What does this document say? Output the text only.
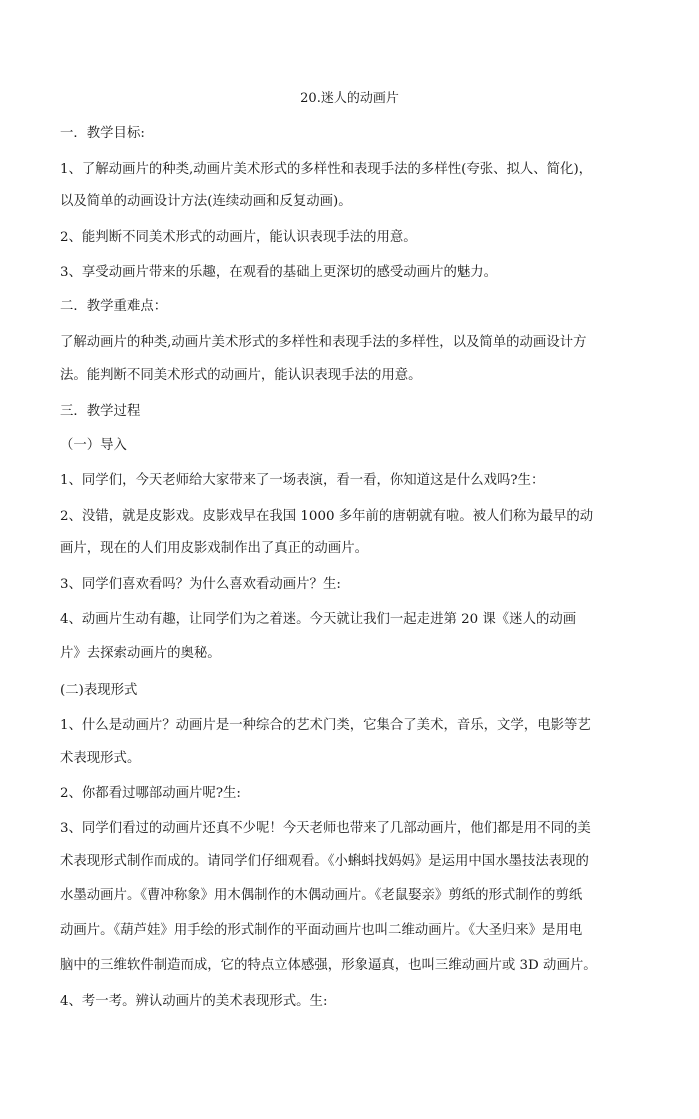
20.迷人的动画片
一．教学目标:
1、了解动画片的种类,动画片美术形式的多样性和表现手法的多样性(夸张、拟人、简化)，
以及简单的动画设计方法(连续动画和反复动画)。
2、能判断不同美术形式的动画片，能认识表现手法的用意。
3、享受动画片带来的乐趣，在观看的基础上更深切的感受动画片的魅力。
二．教学重难点：
了解动画片的种类,动画片美术形式的多样性和表现手法的多样性，以及简单的动画设计方
法。能判断不同美术形式的动画片，能认识表现手法的用意。
三．教学过程
（一）导入
1、同学们，今天老师给大家带来了一场表演，看一看，你知道这是什么戏吗?生：
2、没错，就是皮影戏。皮影戏早在我国 1000 多年前的唐朝就有啦。被人们称为最早的动
画片，现在的人们用皮影戏制作出了真正的动画片。
3、同学们喜欢看吗？为什么喜欢看动画片？生:
4、动画片生动有趣，让同学们为之着迷。今天就让我们一起走进第 20 课《迷人的动画
片》去探索动画片的奥秘。
(二)表现形式
1、什么是动画片？动画片是一种综合的艺术门类，它集合了美术，音乐，文学，电影等艺
术表现形式。
2、你都看过哪部动画片呢?生:
3、同学们看过的动画片还真不少呢！今天老师也带来了几部动画片，他们都是用不同的美
术表现形式制作而成的。请同学们仔细观看。《小蝌蚪找妈妈》是运用中国水墨技法表现的
水墨动画片。《曹冲称象》用木偶制作的木偶动画片。《老鼠娶亲》剪纸的形式制作的剪纸
动画片。《葫芦娃》用手绘的形式制作的平面动画片也叫二维动画片。《大圣归来》是用电
脑中的三维软件制造而成，它的特点立体感强，形象逼真，也叫三维动画片或 3D 动画片。
4、考一考。辨认动画片的美术表现形式。生:
